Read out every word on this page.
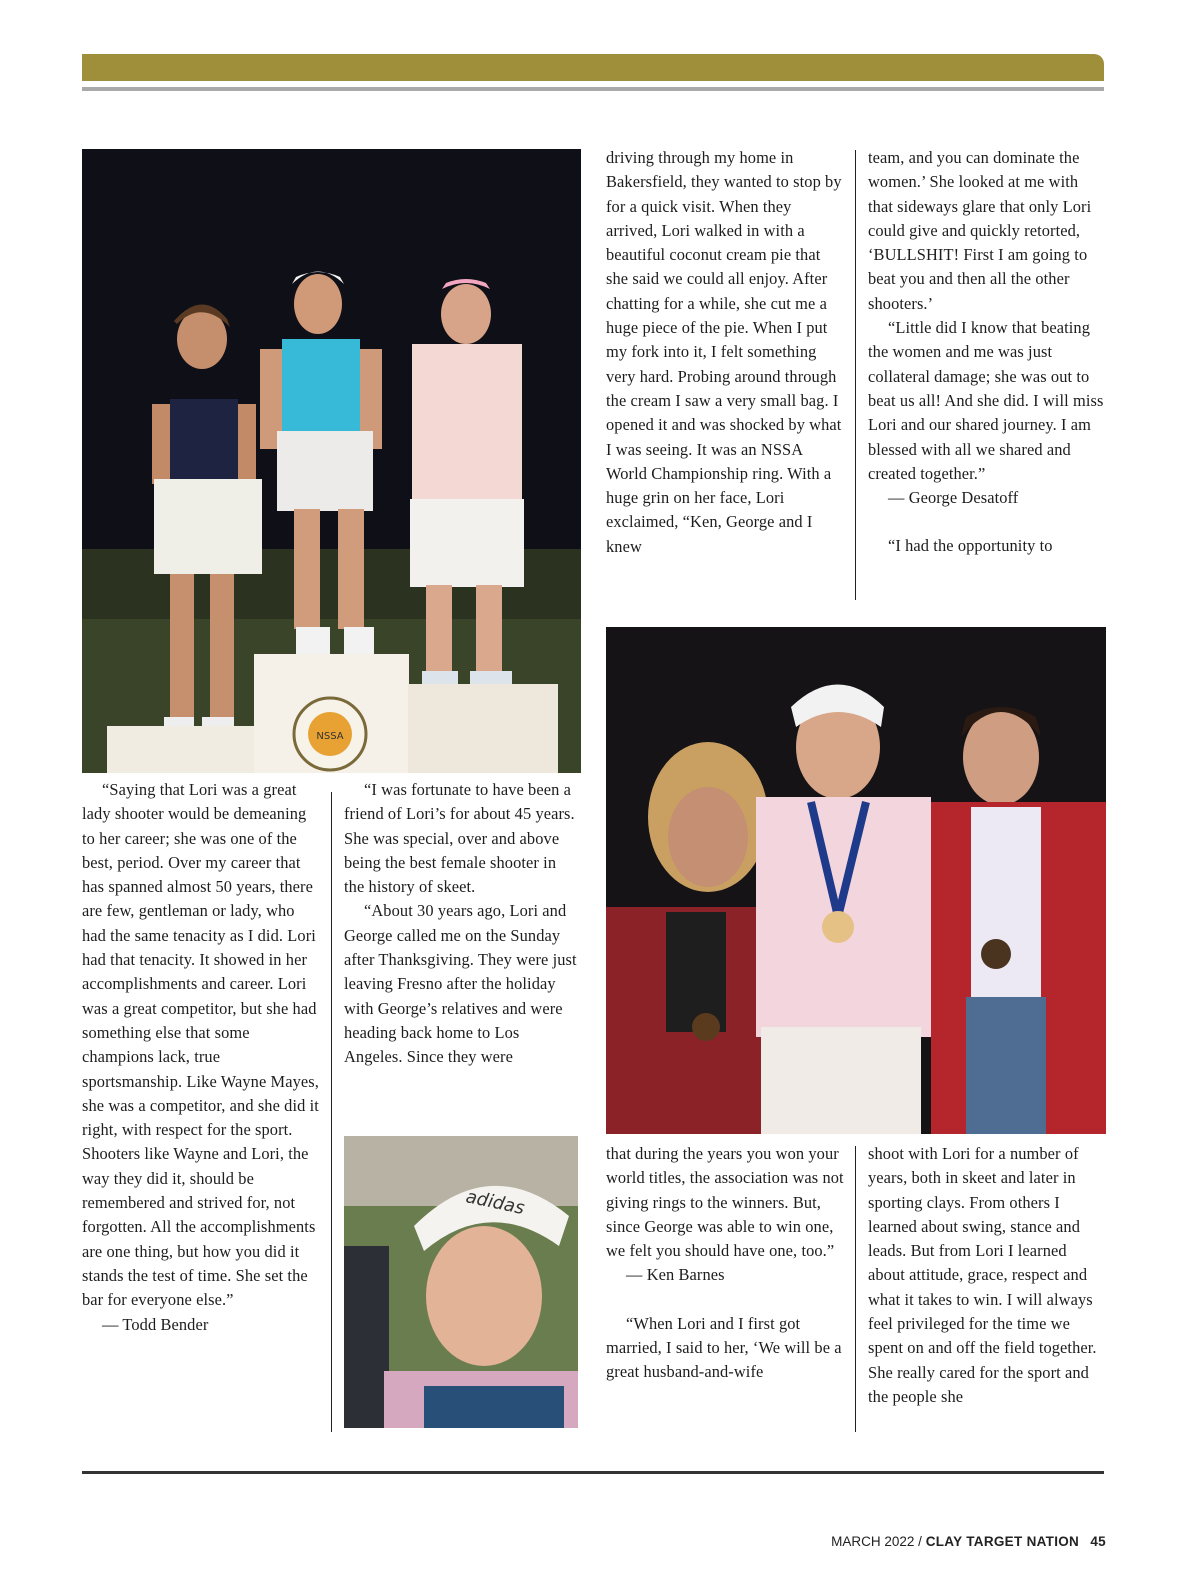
NSSA
adidas

“Saying that Lori was a great lady shooter would be demeaning to her career; she was one of the best, period. Over my career that has spanned almost 50 years, there are few, gentleman or lady, who had the same tenacity as I did. Lori had that tenacity. It showed in her accomplishments and career. Lori was a great competitor, but she had something else that some champions lack, true sportsmanship. Like Wayne Mayes, she was a competitor, and she did it right, with respect for the sport. Shooters like Wayne and Lori, the way they did it, should be remembered and strived for, not forgotten. All the accomplishments are one thing, but how you did it stands the test of time. She set the bar for everyone else.”

— Todd Bender

“I was fortunate to have been a friend of Lori’s for about 45 years. She was special, over and above being the best female shooter in the history of skeet.

“About 30 years ago, Lori and George called me on the Sunday after Thanksgiving. They were just leaving Fresno after the holiday with George’s relatives and were heading back home to Los Angeles. Since they were

driving through my home in Bakersfield, they wanted to stop by for a quick visit. When they arrived, Lori walked in with a beautiful coconut cream pie that she said we could all enjoy. After chatting for a while, she cut me a huge piece of the pie. When I put my fork into it, I felt something very hard. Probing around through the cream I saw a very small bag. I opened it and was shocked by what I was seeing. It was an NSSA World Championship ring. With a huge grin on her face, Lori exclaimed, “Ken, George and I knew

team, and you can dominate the women.’ She looked at me with that sideways glare that only Lori could give and quickly retorted, ‘BULLSHIT! First I am going to beat you and then all the other shooters.’

“Little did I know that beating the women and me was just collateral damage; she was out to beat us all! And she did. I will miss Lori and our shared journey. I am blessed with all we shared and created together.”

— George Desatoff

“I had the opportunity to

that during the years you won your world titles, the association was not giving rings to the winners. But, since George was able to win one, we felt you should have one, too.”

— Ken Barnes

“When Lori and I first got married, I said to her, ‘We will be a great husband-and-wife

shoot with Lori for a number of years, both in skeet and later in sporting clays. From others I learned about swing, stance and leads. But from Lori I learned about attitude, grace, respect and what it takes to win. I will always feel privileged for the time we spent on and off the field together. She really cared for the sport and the people she

MARCH 2022 / CLAY TARGET NATION 45
